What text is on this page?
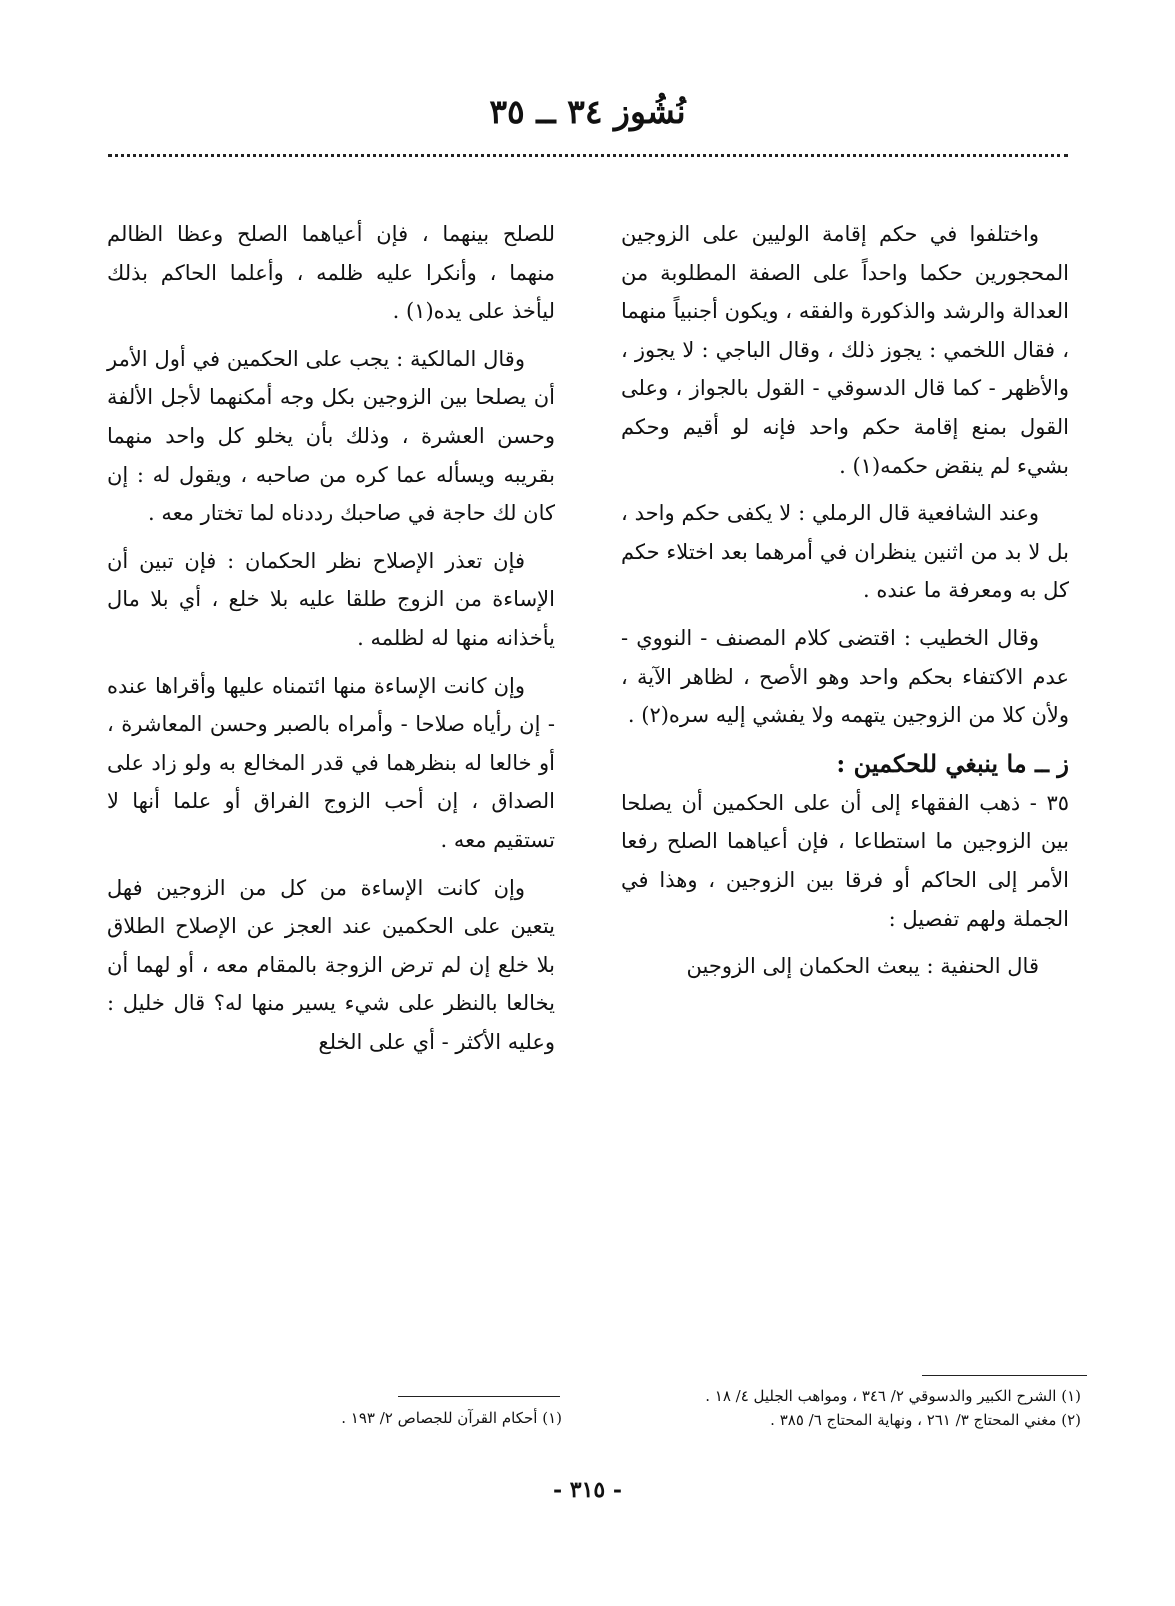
نُشُوز ٣٤ ــ ٣٥

واختلفوا في حكم إقامة الوليين على الزوجين المحجورين حكما واحداً على الصفة المطلوبة من العدالة والرشد والذكورة والفقه ، ويكون أجنبياً منهما ، فقال اللخمي : يجوز ذلك ، وقال الباجي : لا يجوز ، والأظهر - كما قال الدسوقي - القول بالجواز ، وعلى القول بمنع إقامة حكم واحد فإنه لو أقيم وحكم بشيء لم ينقض حكمه(١) .

وعند الشافعية قال الرملي : لا يكفى حكم واحد ، بل لا بد من اثنين ينظران في أمرهما بعد اختلاء حكم كل به ومعرفة ما عنده .

وقال الخطيب : اقتضى كلام المصنف - النووي - عدم الاكتفاء بحكم واحد وهو الأصح ، لظاهر الآية ، ولأن كلا من الزوجين يتهمه ولا يفشي إليه سره(٢) .

ز ــ ما ينبغي للحكمين :

٣٥ - ذهب الفقهاء إلى أن على الحكمين أن يصلحا بين الزوجين ما استطاعا ، فإن أعياهما الصلح رفعا الأمر إلى الحاكم أو فرقا بين الزوجين ، وهذا في الجملة ولهم تفصيل :

قال الحنفية : يبعث الحكمان إلى الزوجين

للصلح بينهما ، فإن أعياهما الصلح وعظا الظالم منهما ، وأنكرا عليه ظلمه ، وأعلما الحاكم بذلك ليأخذ على يده(١) .

وقال المالكية : يجب على الحكمين في أول الأمر أن يصلحا بين الزوجين بكل وجه أمكنهما لأجل الألفة وحسن العشرة ، وذلك بأن يخلو كل واحد منهما بقريبه ويسأله عما كره من صاحبه ، ويقول له : إن كان لك حاجة في صاحبك رددناه لما تختار معه .

فإن تعذر الإصلاح نظر الحكمان : فإن تبين أن الإساءة من الزوج طلقا عليه بلا خلع ، أي بلا مال يأخذانه منها له لظلمه .

وإن كانت الإساءة منها ائتمناه عليها وأقراها عنده - إن رأياه صلاحا - وأمراه بالصبر وحسن المعاشرة ، أو خالعا له بنظرهما في قدر المخالع به ولو زاد على الصداق ، إن أحب الزوج الفراق أو علما أنها لا تستقيم معه .

وإن كانت الإساءة من كل من الزوجين فهل يتعين على الحكمين عند العجز عن الإصلاح الطلاق بلا خلع إن لم ترض الزوجة بالمقام معه ، أو لهما أن يخالعا بالنظر على شيء يسير منها له؟ قال خليل : وعليه الأكثر - أي على الخلع

(١) الشرح الكبير والدسوقي ٢/ ٣٤٦ ، ومواهب الجليل ٤/ ١٨ .
(٢) مغني المحتاج ٣/ ٢٦١ ، ونهاية المحتاج ٦/ ٣٨٥ .
(١) أحكام القرآن للجصاص ٢/ ١٩٣ .
- ٣١٥ -
